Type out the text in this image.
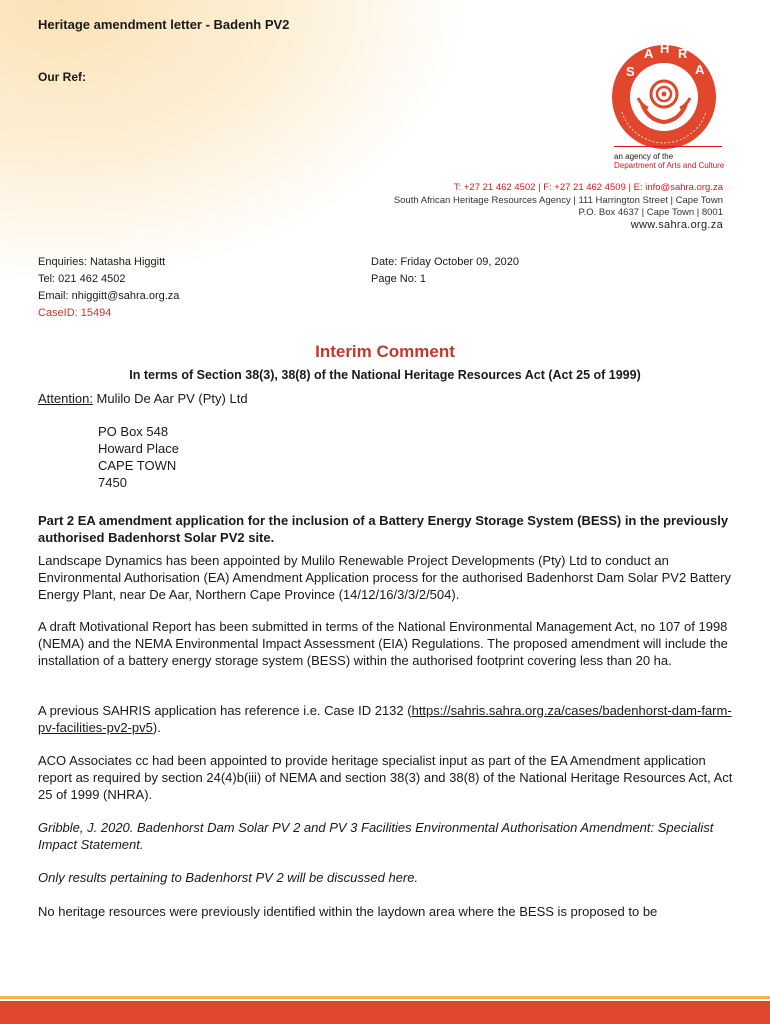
Heritage amendment letter - Badenh PV2
Our Ref:	S
A H R
A
an agency of the
Department of Arts and Culture
T: +27 21 462 4502 | F: +27 21 462 4509 | E: info@sahra.org.za
South African Heritage Resources Agency | 111 Harrington Street | Cape Town
P.O. Box 4637 | Cape Town | 8001
www.sahra.org.za
Enquiries: Natasha Higgitt
Tel: 021 462 4502
Email: nhiggitt@sahra.org.za
CaseID: 15494
Date: Friday October 09, 2020
Page No: 1
Interim Comment
In terms of Section 38(3), 38(8) of the National Heritage Resources Act (Act 25 of 1999)
Attention: Mulilo De Aar PV (Pty) Ltd
PO Box 548
Howard Place
CAPE TOWN
7450
Part 2 EA amendment application for the inclusion of a Battery Energy Storage System (BESS) in the previously authorised Badenhorst Solar PV2 site.
Landscape Dynamics has been appointed by Mulilo Renewable Project Developments (Pty) Ltd to conduct an Environmental Authorisation (EA) Amendment Application process for the authorised Badenhorst Dam Solar PV2 Battery Energy Plant, near De Aar, Northern Cape Province (14/12/16/3/3/2/504).
A draft Motivational Report has been submitted in terms of the National Environmental Management Act, no 107 of 1998 (NEMA) and the NEMA Environmental Impact Assessment (EIA) Regulations. The proposed amendment will include the installation of a battery energy storage system (BESS) within the authorised footprint covering less than 20 ha.
A previous SAHRIS application has reference i.e. Case ID 2132 (https://sahris.sahra.org.za/cases/badenhorst-dam-farm-pv-facilities-pv2-pv5).
ACO Associates cc had been appointed to provide heritage specialist input as part of the EA Amendment application report as required by section 24(4)b(iii) of NEMA and section 38(3) and 38(8) of the National Heritage Resources Act, Act 25 of 1999 (NHRA).
Gribble, J. 2020. Badenhorst Dam Solar PV 2 and PV 3 Facilities Environmental Authorisation Amendment: Specialist Impact Statement.
Only results pertaining to Badenhorst PV 2 will be discussed here.
No heritage resources were previously identified within the laydown area where the BESS is proposed to be
